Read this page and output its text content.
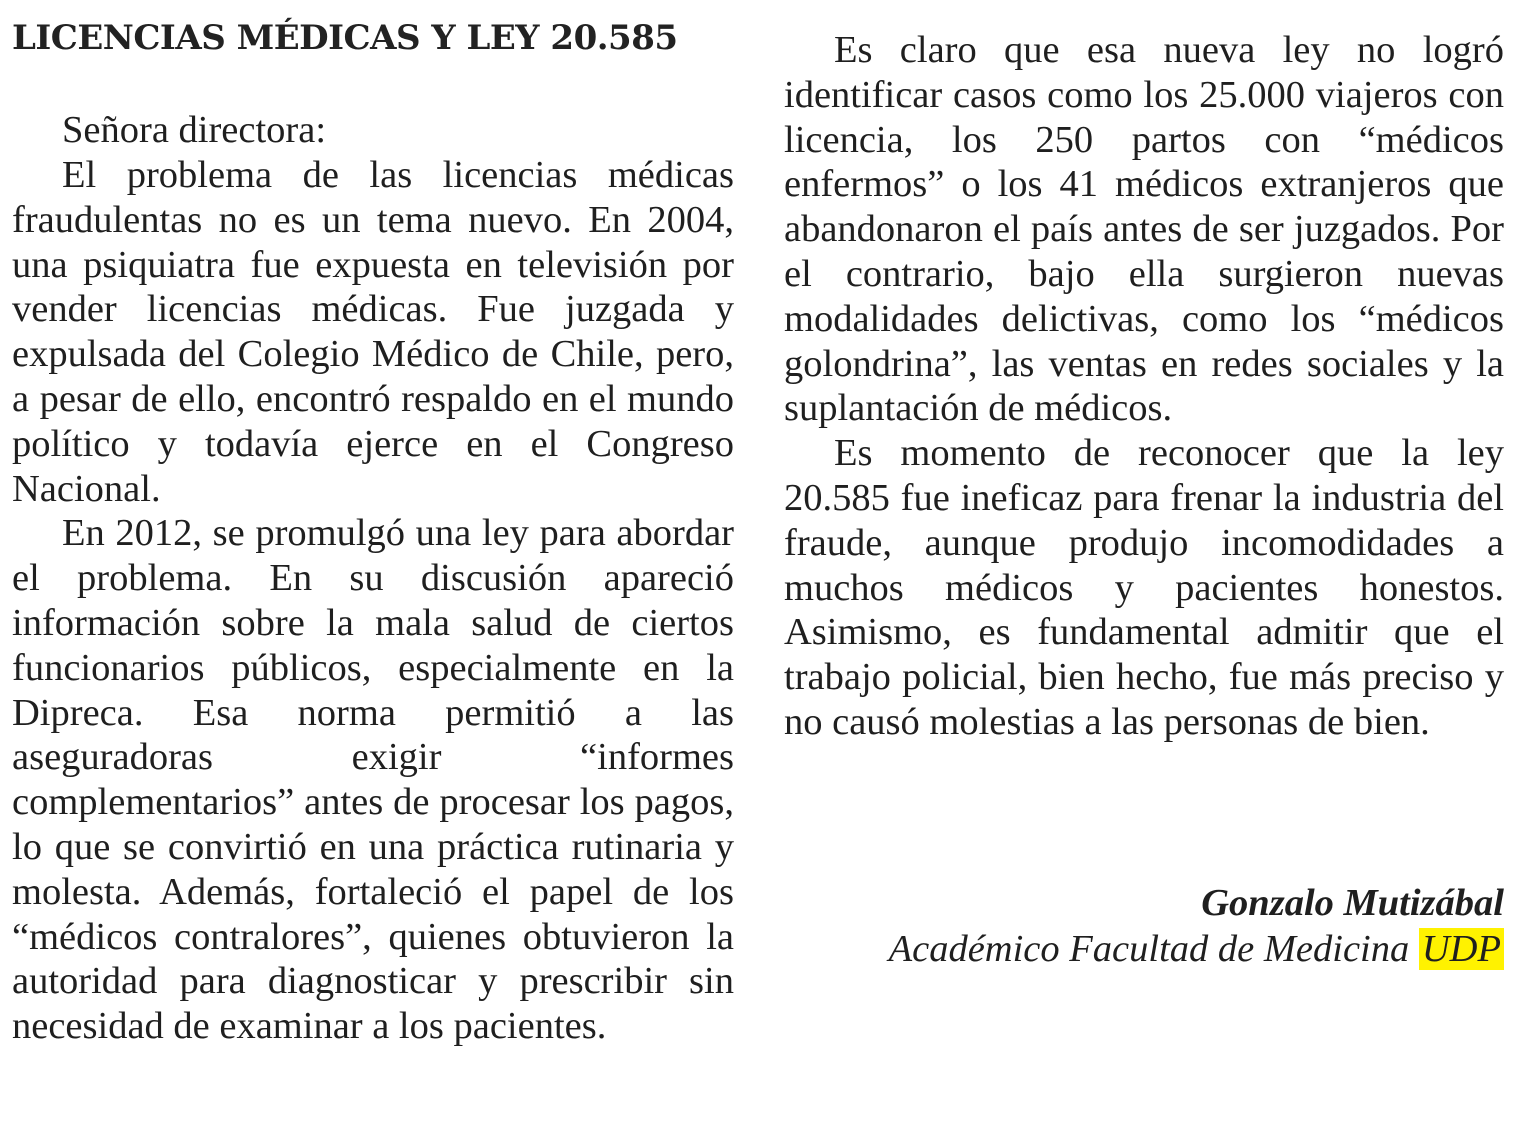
LICENCIAS MÉDICAS Y LEY 20.585

Señora directora:

El problema de las licencias médicas fraudulentas no es un tema nuevo. En 2004, una psiquiatra fue expuesta en televisión por vender licencias médicas. Fue juzgada y expulsada del Colegio Médico de Chile, pero, a pesar de ello, encontró respaldo en el mundo político y todavía ejerce en el Congreso Nacional.

En 2012, se promulgó una ley para abordar el problema. En su discusión apareció información sobre la mala salud de ciertos funcionarios públicos, especialmente en la Dipreca. Esa norma permitió a las aseguradoras exigir “informes complementarios” antes de procesar los pagos, lo que se convirtió en una práctica rutinaria y molesta. Además, fortaleció el papel de los “médicos contralores”, quienes obtuvieron la autoridad para diagnosticar y prescribir sin necesidad de examinar a los pacientes.

Es claro que esa nueva ley no logró identificar casos como los 25.000 viajeros con licencia, los 250 partos con “médicos enfermos” o los 41 médicos extranjeros que abandonaron el país antes de ser juzgados. Por el contrario, bajo ella surgieron nuevas modalidades delictivas, como los “médicos golondrina”, las ventas en redes sociales y la suplantación de médicos.

Es momento de reconocer que la ley 20.585 fue ineficaz para frenar la industria del fraude, aunque produjo incomodidades a muchos médicos y pacientes honestos. Asimismo, es fundamental admitir que el trabajo policial, bien hecho, fue más preciso y no causó molestias a las personas de bien.

Gonzalo Mutizábal
Académico Facultad de Medicina UDP
